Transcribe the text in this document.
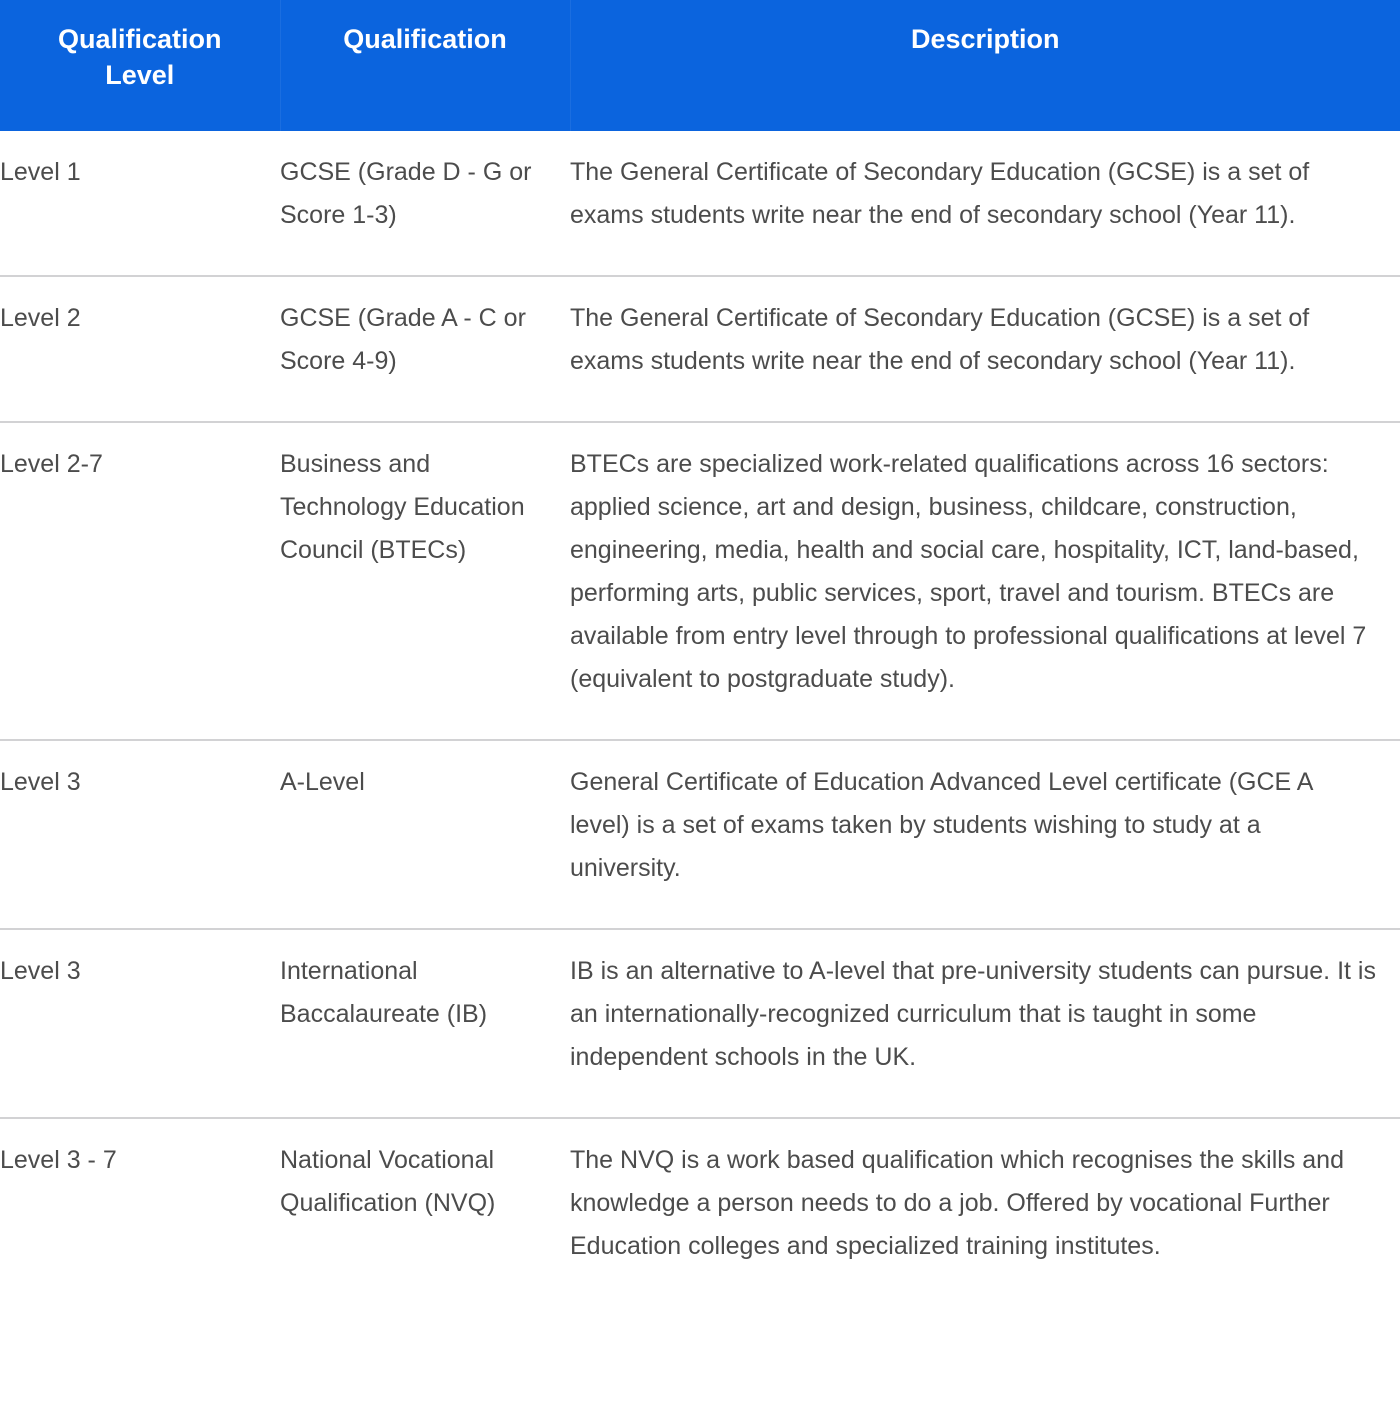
Qualification Level	Qualification	Description

Level 1	GCSE (Grade D - G or Score 1-3)	The General Certificate of Secondary Education (GCSE) is a set of exams students write near the end of secondary school (Year 11).
Level 2	GCSE (Grade A - C or Score 4-9)	The General Certificate of Secondary Education (GCSE) is a set of exams students write near the end of secondary school (Year 11).
Level 2-7	Business and Technology Education Council (BTECs)	BTECs are specialized work-related qualifications across 16 sectors: applied science, art and design, business, childcare, construction, engineering, media, health and social care, hospitality, ICT, land-based, performing arts, public services, sport, travel and tourism. BTECs are available from entry level through to professional qualifications at level 7 (equivalent to postgraduate study).
Level 3	A-Level	General Certificate of Education Advanced Level certificate (GCE A level) is a set of exams taken by students wishing to study at a university.
Level 3	International Baccalaureate (IB)	IB is an alternative to A-level that pre-university students can pursue. It is an internationally-recognized curriculum that is taught in some independent schools in the UK.
Level 3 - 7	National Vocational Qualification (NVQ)	The NVQ is a work based qualification which recognises the skills and knowledge a person needs to do a job. Offered by vocational Further Education colleges and specialized training institutes.
